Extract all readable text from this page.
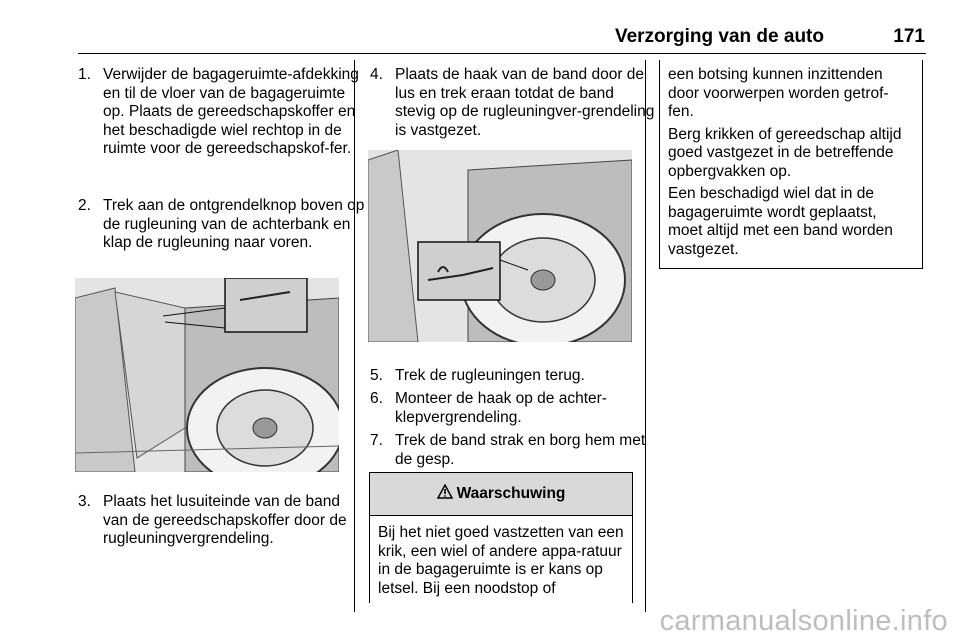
Verzorging van de auto	171
1. Verwijder de bagageruimte-afdekking en til de vloer van de bagageruimte op. Plaats de gereedschapskoffer en het beschadigde wiel rechtop in de ruimte voor de gereedschapskof-fer.
2. Trek aan de ontgrendelknop boven op de rugleuning van de achterbank en klap de rugleuning naar voren.
3. Plaats het lusuiteinde van de band van de gereedschapskoffer door de rugleuningvergrendeling.
4. Plaats de haak van de band door de lus en trek eraan totdat de band stevig op de rugleuningver-grendeling is vastgezet.
5. Trek de rugleuningen terug.
6. Monteer de haak op de achter-klepvergrendeling.
7. Trek de band strak en borg hem met de gesp.
Waarschuwing
Bij het niet goed vastzetten van een krik, een wiel of andere appa-ratuur in de bagageruimte is er kans op letsel. Bij een noodstop of

een botsing kunnen inzittenden door voorwerpen worden getrof-fen.

Berg krikken of gereedschap altijd goed vastgezet in de betreffende opbergvakken op.

Een beschadigd wiel dat in de bagageruimte wordt geplaatst, moet altijd met een band worden vastgezet.

carmanualsonline.info
